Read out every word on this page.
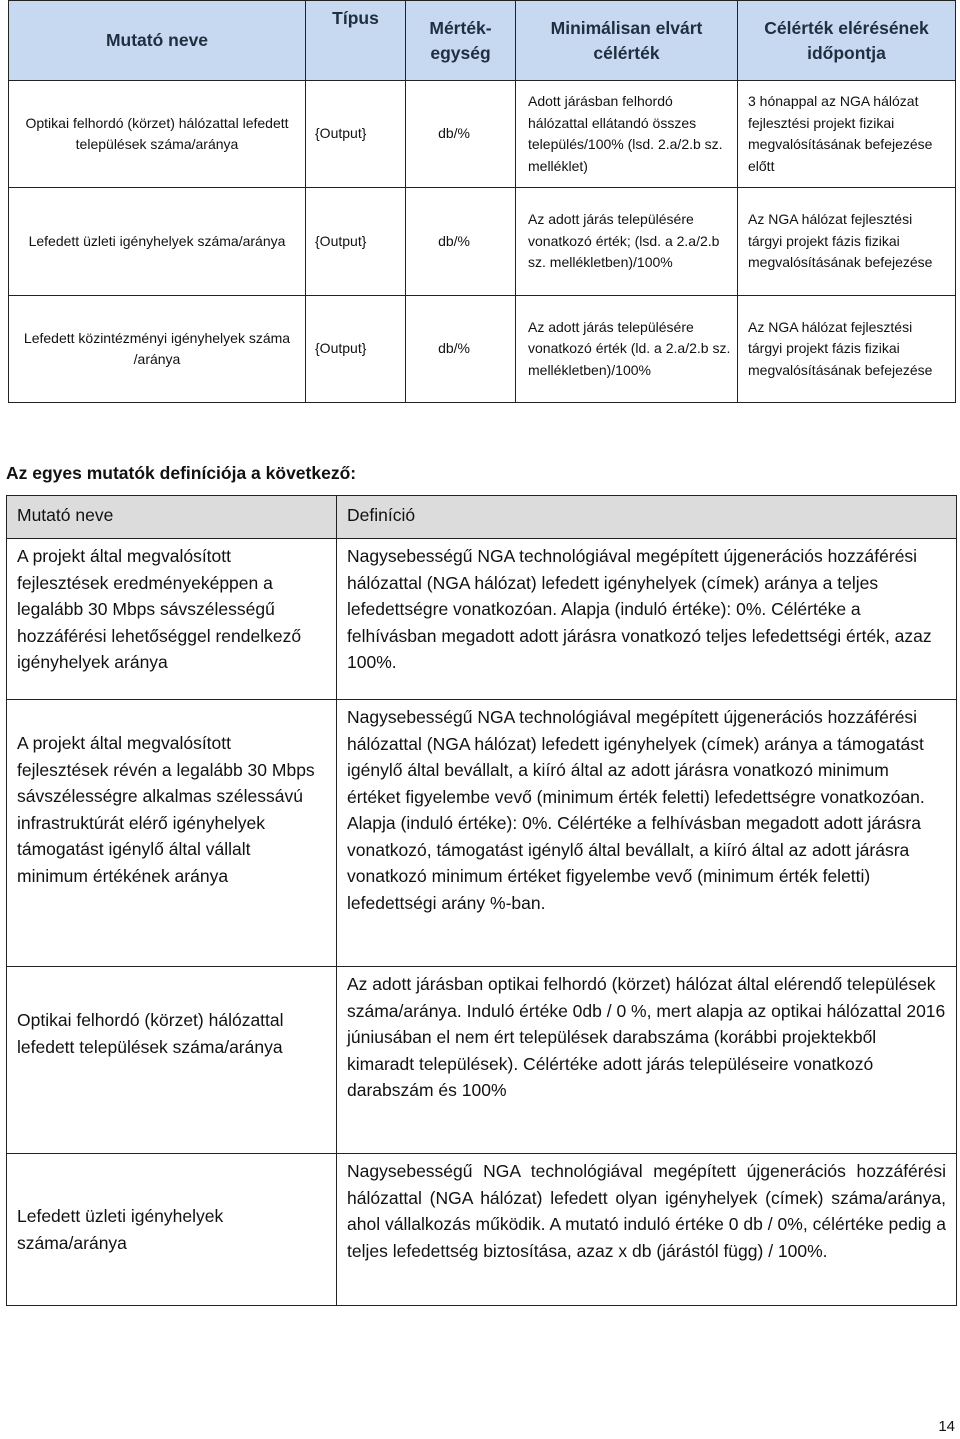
Mutató neve	Típus	Mérték-egység	Minimálisan elvárt célérték	Célérték elérésének időpontja
Optikai felhordó (körzet) hálózattal lefedett települések száma/aránya	{Output}	db/%	Adott járásban felhordó hálózattal ellátandó összes település/100% (lsd. 2.a/2.b sz. melléklet)	3 hónappal az NGA hálózat fejlesztési projekt fizikai megvalósításának befejezése előtt
Lefedett üzleti igényhelyek száma/aránya	{Output}	db/%	Az adott járás településére vonatkozó érték; (lsd. a 2.a/2.b sz. mellékletben)/100%	Az NGA hálózat fejlesztési tárgyi projekt fázis fizikai megvalósításának befejezése
Lefedett közintézményi igényhelyek száma /aránya	{Output}	db/%	Az adott járás településére vonatkozó érték (ld. a 2.a/2.b sz. mellékletben)/100%	Az NGA hálózat fejlesztési tárgyi projekt fázis fizikai megvalósításának befejezése
Az egyes mutatók definíciója a következő:
Mutató neve	Definíció
A projekt által megvalósított fejlesztések eredményeképpen a legalább 30 Mbps sávszélességű hozzáférési lehetőséggel rendelkező igényhelyek aránya	Nagysebességű NGA technológiával megépített újgenerációs hozzáférési hálózattal (NGA hálózat) lefedett igényhelyek (címek) aránya a teljes lefedettségre vonatkozóan. Alapja (induló értéke): 0%. Célértéke a felhívásban megadott adott járásra vonatkozó teljes lefedettségi érték, azaz 100%.

A projekt által megvalósított fejlesztések révén a legalább 30 Mbps sávszélességre alkalmas szélessávú infrastruktúrát elérő igényhelyek támogatást igénylő által vállalt minimum értékének aránya	Nagysebességű NGA technológiával megépített újgenerációs hozzáférési hálózattal (NGA hálózat) lefedett igényhelyek (címek) aránya a támogatást igénylő által bevállalt, a kiíró által az adott járásra vonatkozó minimum értéket figyelembe vevő (minimum érték feletti) lefedettségre vonatkozóan. Alapja (induló értéke): 0%. Célértéke a felhívásban megadott adott járásra vonatkozó, támogatást igénylő által bevállalt, a kiíró által az adott járásra vonatkozó minimum értéket figyelembe vevő (minimum érték feletti) lefedettségi arány %-ban.

Optikai felhordó (körzet) hálózattal lefedett települések száma/aránya	Az adott járásban optikai felhordó (körzet) hálózat által elérendő települések száma/aránya. Induló értéke 0db / 0 %, mert alapja az optikai hálózattal 2016 júniusában el nem ért települések darabszáma (korábbi projektekből kimaradt települések). Célértéke adott járás településeire vonatkozó darabszám és 100%
Lefedett üzleti igényhelyek száma/aránya	Nagysebességű NGA technológiával megépített újgenerációs hozzáférési hálózattal (NGA hálózat) lefedett olyan igényhelyek (címek) száma/aránya, ahol vállalkozás működik. A mutató induló értéke 0 db / 0%, célértéke pedig a teljes lefedettség biztosítása, azaz x db (járástól függ) / 100%.
14
